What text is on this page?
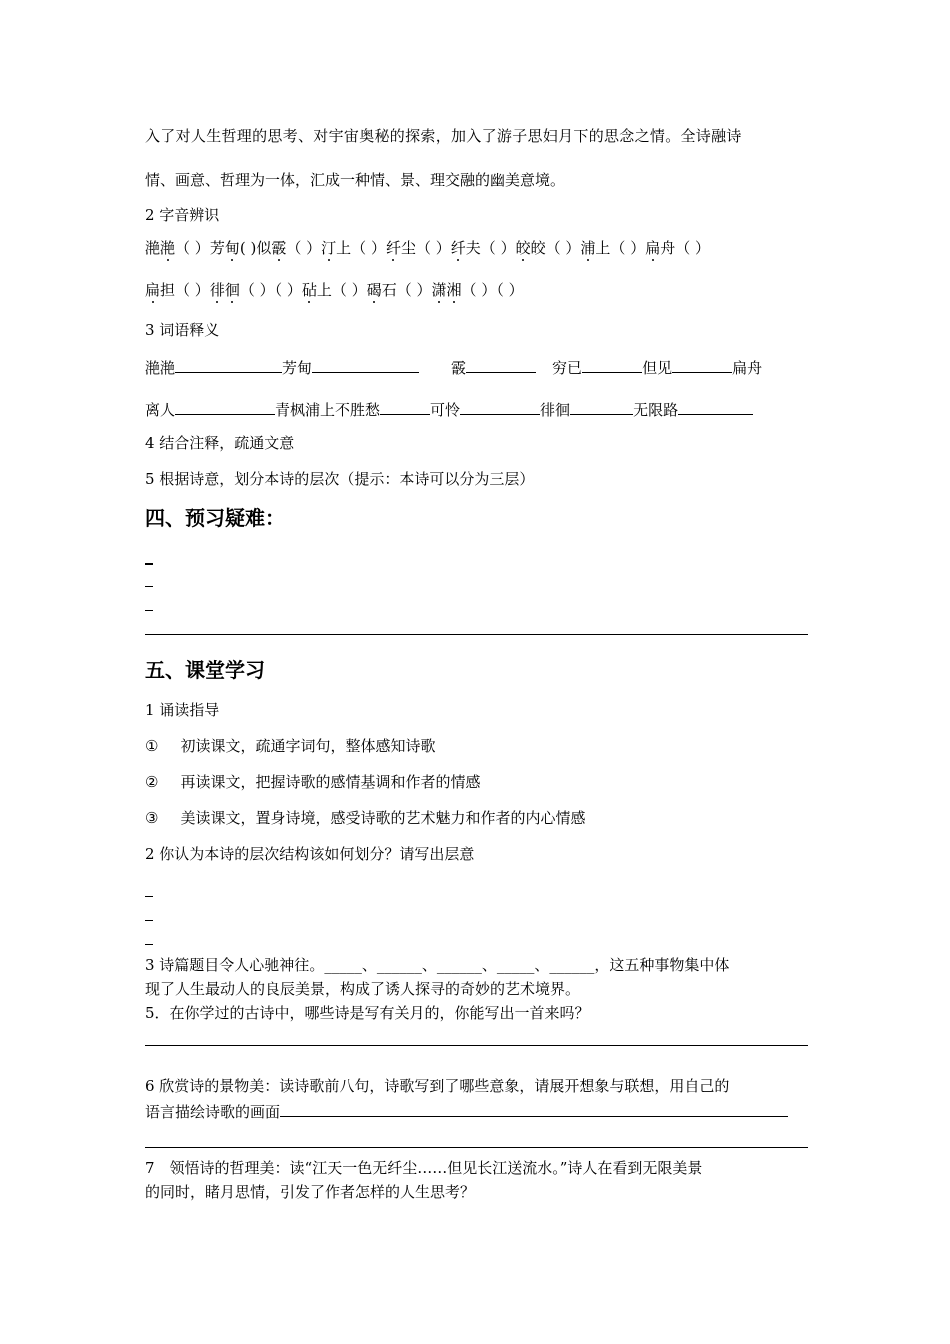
入了对人生哲理的思考、对宇宙奥秘的探索，加入了游子思妇月下的思念之情。全诗融诗
情、画意、哲理为一体，汇成一种情、景、理交融的幽美意境。
2 字音辨识
滟滟（ ）芳甸( )似霰（ ）汀上（ ）纤尘（ ）纤夫（ ）皎皎（ ）浦上（ ）扁舟（ ）
扁担（ ）徘徊（ ）（ ）砧上（ ）碣石（ ）潇湘（ ）（ ）
3 词语释义
滟滟	芳甸	霰	穷已	但见	扁舟
离人	青枫浦上不胜愁	可怜	徘徊	无限路
4 结合注释，疏通文意
5 根据诗意，划分本诗的层次（提示：本诗可以分为三层）
四、预习疑难：
五、课堂学习
1 诵读指导
① 初读课文，疏通字词句，整体感知诗歌
② 再读课文，把握诗歌的感情基调和作者的情感
③ 美读课文，置身诗境，感受诗歌的艺术魅力和作者的内心情感
2 你认为本诗的层次结构该如何划分？请写出层意
3 诗篇题目令人心驰神往。_____、______、______、_____、______，这五种事物集中体
现了人生最动人的良辰美景，构成了诱人探寻的奇妙的艺术境界。
5．在你学过的古诗中，哪些诗是写有关月的，你能写出一首来吗？
6 欣赏诗的景物美：读诗歌前八句，诗歌写到了哪些意象，请展开想象与联想，用自己的
语言描绘诗歌的画面
7　领悟诗的哲理美：读“江天一色无纤尘……但见长江送流水。”诗人在看到无限美景
的同时，睹月思情，引发了作者怎样的人生思考？
